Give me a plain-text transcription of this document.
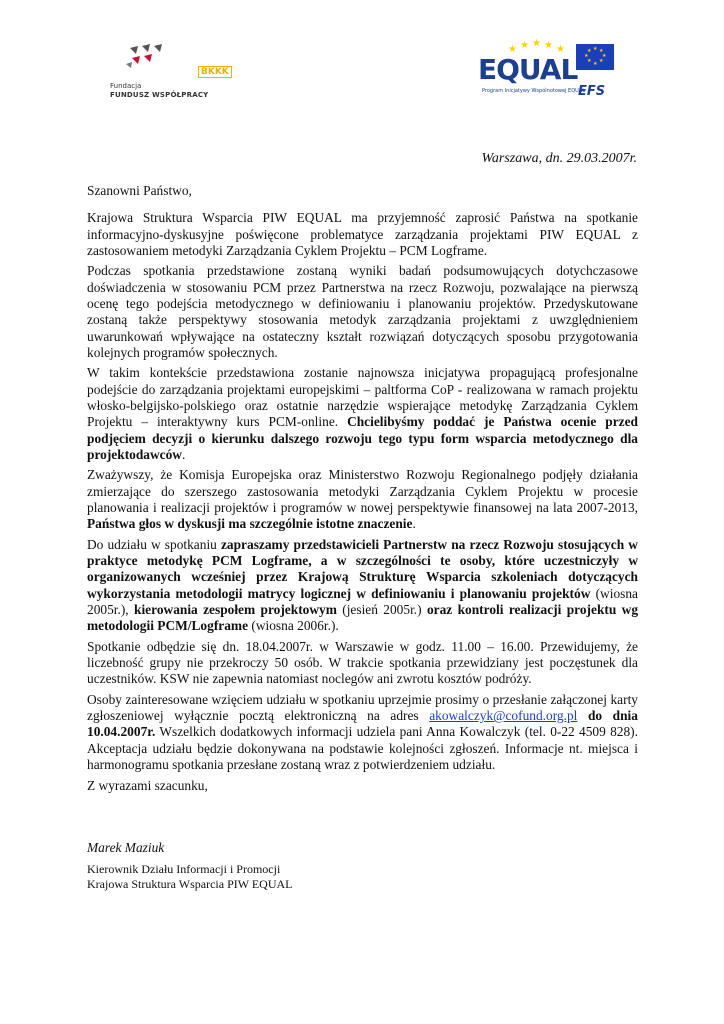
Fundacja
FUNDUSZ WSPÓŁPRACY
BKKK
★ ★ ★ ★ ★	★ ★
★
★
★
★
★
★
EQUAL
Program Inicjatywy Wspólnotowej EQUAL
EFS
Warszawa, dn. 29.03.2007r.

Szanowni Państwo,

Krajowa Struktura Wsparcia PIW EQUAL ma przyjemność zaprosić Państwa na spotkanie informacyjno-dyskusyjne poświęcone problematyce zarządzania projektami PIW EQUAL z zastosowaniem metodyki Zarządzania Cyklem Projektu – PCM Logframe.

Podczas spotkania przedstawione zostaną wyniki badań podsumowujących dotychczasowe doświadczenia w stosowaniu PCM przez Partnerstwa na rzecz Rozwoju, pozwalające na pierwszą ocenę tego podejścia metodycznego w definiowaniu i planowaniu projektów. Przedyskutowane zostaną także perspektywy stosowania metodyk zarządzania projektami z uwzględnieniem uwarunkowań wpływające na ostateczny kształt rozwiązań dotyczących sposobu przygotowania kolejnych programów społecznych.

W takim kontekście przedstawiona zostanie najnowsza inicjatywa propagującą profesjonalne podejście do zarządzania projektami europejskimi – paltforma CoP - realizowana w ramach projektu włosko-belgijsko-polskiego oraz ostatnie narzędzie wspierające metodykę Zarządzania Cyklem Projektu – interaktywny kurs PCM-online. Chcielibyśmy poddać je Państwa ocenie przed podjęciem decyzji o kierunku dalszego rozwoju tego typu form wsparcia metodycznego dla projektodawców.

Zważywszy, że Komisja Europejska oraz Ministerstwo Rozwoju Regionalnego podjęły działania zmierzające do szerszego zastosowania metodyki Zarządzania Cyklem Projektu w procesie planowania i realizacji projektów i programów w nowej perspektywie finansowej na lata 2007-2013, Państwa głos w dyskusji ma szczególnie istotne znaczenie.

Do udziału w spotkaniu zapraszamy przedstawicieli Partnerstw na rzecz Rozwoju stosujących w praktyce metodykę PCM Logframe, a w szczególności te osoby, które uczestniczyły w organizowanych wcześniej przez Krajową Strukturę Wsparcia szkoleniach dotyczących wykorzystania metodologii matrycy logicznej w definiowaniu i planowaniu projektów (wiosna 2005r.), kierowania zespołem projektowym (jesień 2005r.) oraz kontroli realizacji projektu wg metodologii PCM/Logframe (wiosna 2006r.).

Spotkanie odbędzie się dn. 18.04.2007r. w Warszawie w godz. 11.00 – 16.00. Przewidujemy, że liczebność grupy nie przekroczy 50 osób. W trakcie spotkania przewidziany jest poczęstunek dla uczestników. KSW nie zapewnia natomiast noclegów ani zwrotu kosztów podróży.

Osoby zainteresowane wzięciem udziału w spotkaniu uprzejmie prosimy o przesłanie załączonej karty zgłoszeniowej wyłącznie pocztą elektroniczną na adres akowalczyk@cofund.org.pl do dnia 10.04.2007r. Wszelkich dodatkowych informacji udziela pani Anna Kowalczyk (tel. 0-22 4509 828). Akceptacja udziału będzie dokonywana na podstawie kolejności zgłoszeń. Informacje nt. miejsca i harmonogramu spotkania przesłane zostaną wraz z potwierdzeniem udziału.

Z wyrazami szacunku,

Marek Maziuk
Kierownik Działu Informacji i Promocji
Krajowa Struktura Wsparcia PIW EQUAL
